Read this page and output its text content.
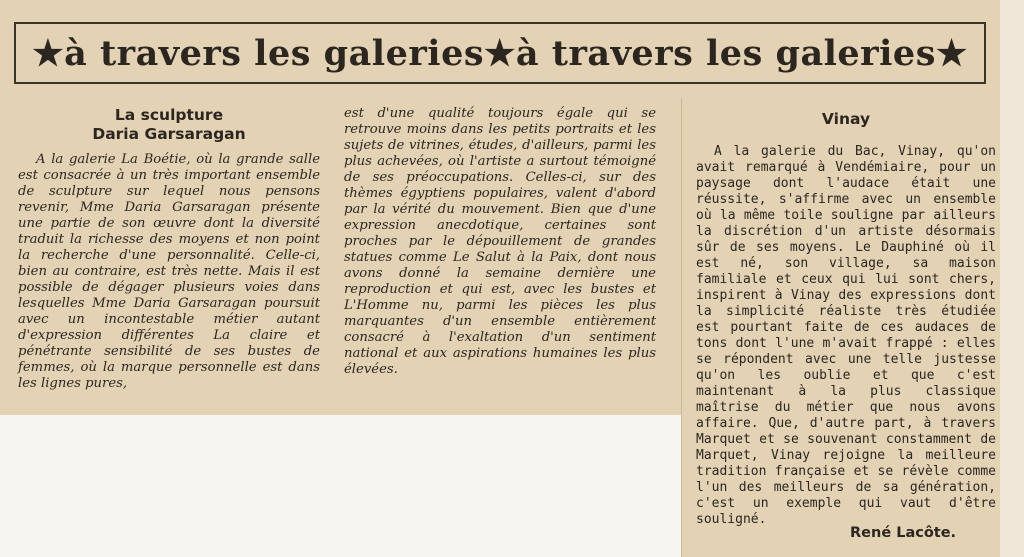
★à travers les galeries★à travers les galeries★
La sculpture
Daria Garsaragan

A la galerie La Boétie, où la grande salle est consacrée à un très important ensemble de sculpture sur lequel nous pensons revenir, Mme Daria Garsaragan présente une partie de son œuvre dont la diversité traduit la richesse des moyens et non point la recherche d'une personnalité. Celle-ci, bien au contraire, est très nette. Mais il est possible de dégager plusieurs voies dans lesquelles Mme Daria Garsaragan poursuit avec un incontestable métier autant d'expression différentes La claire et pénétrante sensibilité de ses bustes de femmes, où la marque personnelle est dans les lignes pures,

est d'une qualité toujours égale qui se retrouve moins dans les petits portraits et les sujets de vitrines, études, d'ailleurs, parmi les plus achevées, où l'artiste a surtout témoigné de ses préoccupations. Celles-ci, sur des thèmes égyptiens populaires, valent d'abord par la vérité du mouvement. Bien que d'une expression anecdotique, certaines sont proches par le dépouillement de grandes statues comme Le Salut à la Paix, dont nous avons donné la semaine dernière une reproduction et qui est, avec les bustes et L'Homme nu, parmi les pièces les plus marquantes d'un ensemble entièrement consacré à l'exaltation d'un sentiment national et aux aspirations humaines les plus élevées.

Vinay

A la galerie du Bac, Vinay, qu'on avait remarqué à Vendémiaire, pour un paysage dont l'audace était une réussite, s'affirme avec un ensemble où la même toile souligne par ailleurs la discrétion d'un artiste désormais sûr de ses moyens. Le Dauphiné où il est né, son village, sa maison familiale et ceux qui lui sont chers, inspirent à Vinay des expressions dont la simplicité réaliste très étudiée est pourtant faite de ces audaces de tons dont l'une m'avait frappé : elles se répondent avec une telle justesse qu'on les oublie et que c'est maintenant à la plus classique maîtrise du métier que nous avons affaire. Que, d'autre part, à travers Marquet et se souvenant constamment de Marquet, Vinay rejoigne la meilleure tradition française et se révèle comme l'un des meilleurs de sa génération, c'est un exemple qui vaut d'être souligné.

René Lacôte.
